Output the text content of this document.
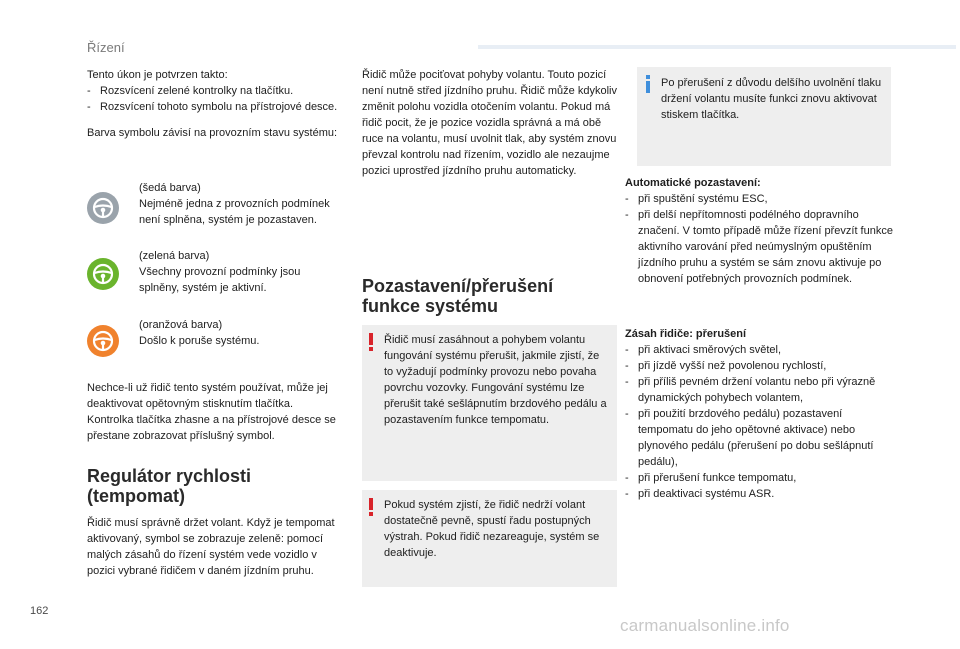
Řízení

Tento úkon je potvrzen takto:

- Rozsvícení zelené kontrolky na tlačítku.
- Rozsvícení tohoto symbolu na přístrojové desce.

Barva symbolu závisí na provozním stavu systému:

(šedá barva)

Nejméně jedna z provozních podmínek není splněna, systém je pozastaven.

(zelená barva)

Všechny provozní podmínky jsou splněny, systém je aktivní.

(oranžová barva)

Došlo k poruše systému.

Nechce-li už řidič tento systém používat, může jej deaktivovat opětovným stisknutím tlačítka. Kontrolka tlačítka zhasne a na přístrojové desce se přestane zobrazovat příslušný symbol.
Regulátor rychlosti
(tempomat)
Řidič musí správně držet volant. Když je tempomat aktivovaný, symbol se zobrazuje zeleně: pomocí malých zásahů do řízení systém vede vozidlo v pozici vybrané řidičem v daném jízdním pruhu.
Řidič může pociťovat pohyby volantu. Touto pozicí není nutně střed jízdního pruhu. Řidič může kdykoliv změnit polohu vozidla otočením volantu. Pokud má řidič pocit, že je pozice vozidla správná a má obě ruce na volantu, musí uvolnit tlak, aby systém znovu převzal kontrolu nad řízením, vozidlo ale nezaujme pozici uprostřed jízdního pruhu automaticky.
Pozastavení/přerušení
funkce systému
Řidič musí zasáhnout a pohybem volantu fungování systému přerušit, jakmile zjistí, že to vyžadují podmínky provozu nebo povaha povrchu vozovky. Fungování systému lze přerušit také sešlápnutím brzdového pedálu a pozastavením funkce tempomatu.
Pokud systém zjistí, že řidič nedrží volant dostatečně pevně, spustí řadu postupných výstrah. Pokud řidič nezareaguje, systém se deaktivuje.
Po přerušení z důvodu delšího uvolnění tlaku držení volantu musíte funkci znovu aktivovat stiskem tlačítka.

Automatické pozastavení:

- při spuštění systému ESC,
- při delší nepřítomnosti podélného dopravního značení. V tomto případě může řízení převzít funkce aktivního varování před neúmyslným opuštěním jízdního pruhu a systém se sám znovu aktivuje po obnovení potřebných provozních podmínek.

Zásah řidiče: přerušení

- při aktivaci směrových světel,
- při jízdě vyšší než povolenou rychlostí,
- při příliš pevném držení volantu nebo při výrazně dynamických pohybech volantem,
- při použití brzdového pedálu) pozastavení tempomatu do jeho opětovné aktivace) nebo plynového pedálu (přerušení po dobu sešlápnutí pedálu),
- při přerušení funkce tempomatu,
- při deaktivaci systému ASR.
162
carmanualsonline.info
